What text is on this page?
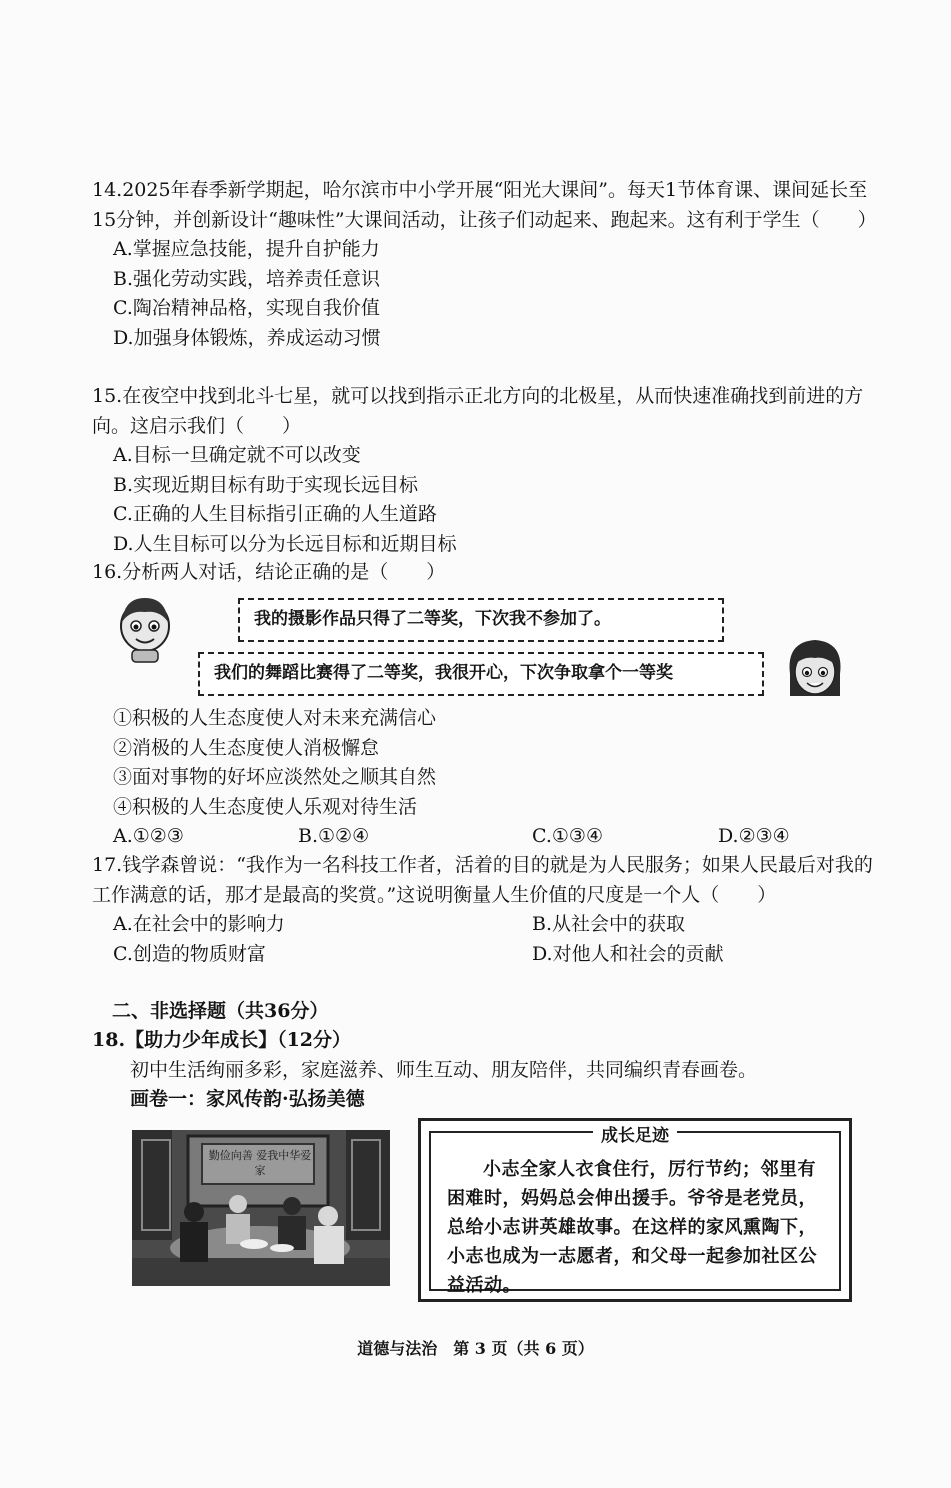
14.2025年春季新学期起，哈尔滨市中小学开展“阳光大课间”。每天1节体育课、课间延长至15分钟，并创新设计“趣味性”大课间活动，让孩子们动起来、跑起来。这有利于学生（　　）
A.掌握应急技能，提升自护能力
B.强化劳动实践，培养责任意识
C.陶冶精神品格，实现自我价值
D.加强身体锻炼，养成运动习惯
15.在夜空中找到北斗七星，就可以找到指示正北方向的北极星，从而快速准确找到前进的方向。这启示我们（　　）
A.目标一旦确定就不可以改变
B.实现近期目标有助于实现长远目标
C.正确的人生目标指引正确的人生道路
D.人生目标可以分为长远目标和近期目标
16.分析两人对话，结论正确的是（　　）
我的摄影作品只得了二等奖，下次我不参加了。
我们的舞蹈比赛得了二等奖，我很开心，下次争取拿个一等奖
①积极的人生态度使人对未来充满信心
②消极的人生态度使人消极懈怠
③面对事物的好坏应淡然处之顺其自然
④积极的人生态度使人乐观对待生活
A.①②③	B.①②④	C.①③④	D.②③④
17.钱学森曾说：“我作为一名科技工作者，活着的目的就是为人民服务；如果人民最后对我的工作满意的话，那才是最高的奖赏。”这说明衡量人生价值的尺度是一个人（　　）
A.在社会中的影响力	B.从社会中的获取
C.创造的物质财富	D.对他人和社会的贡献
二、非选择题（共36分）
18.【助力少年成长】（12分）
初中生活绚丽多彩，家庭滋养、师生互动、朋友陪伴，共同编织青春画卷。
画卷一：家风传韵·弘扬美德
勤俭向善 爱我中华爱家
成长足迹
小志全家人衣食住行，厉行节约；邻里有困难时，妈妈总会伸出援手。爷爷是老党员，总给小志讲英雄故事。在这样的家风熏陶下，小志也成为一志愿者，和父母一起参加社区公益活动。
道德与法治　第 3 页（共 6 页）
